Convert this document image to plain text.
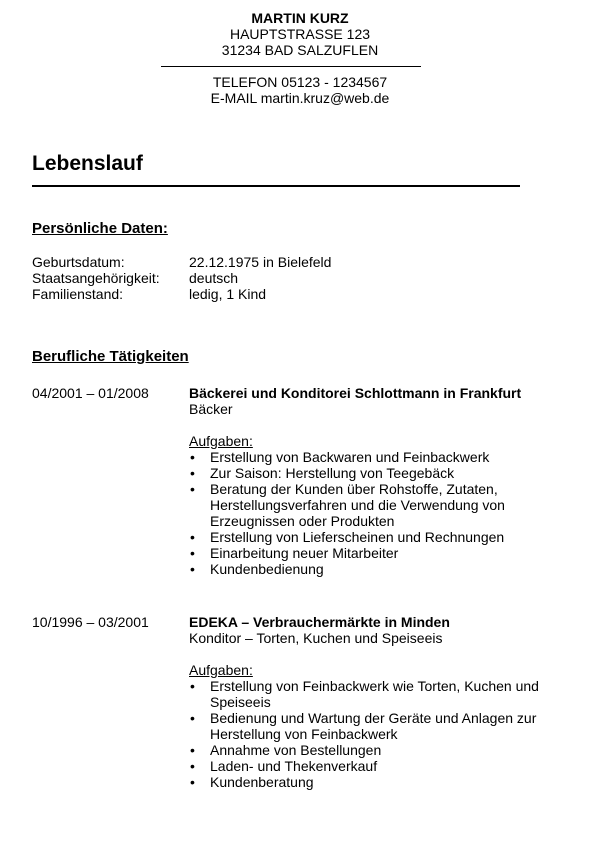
MARTIN KURZ
HAUPTSTRASSE 123
31234 BAD SALZUFLEN
TELEFON 05123 - 1234567
E-MAIL martin.kruz@web.de
Lebenslauf
Persönliche Daten:
Geburtsdatum:	22.12.1975 in Bielefeld
Staatsangehörigkeit:	deutsch
Familienstand:	ledig, 1 Kind
Berufliche Tätigkeiten
04/2001 – 01/2008	Bäckerei und Konditorei Schlottmann in Frankfurt
Bäcker
Aufgaben:
• Erstellung von Backwaren und Feinbackwerk
• Zur Saison: Herstellung von Teegebäck
• Beratung der Kunden über Rohstoffe, Zutaten, Herstellungsverfahren und die Verwendung von Erzeugnissen oder Produkten
• Erstellung von Lieferscheinen und Rechnungen
• Einarbeitung neuer Mitarbeiter
• Kundenbedienung
10/1996 – 03/2001	EDEKA – Verbrauchermärkte in Minden
Konditor – Torten, Kuchen und Speiseeis
Aufgaben:
• Erstellung von Feinbackwerk wie Torten, Kuchen und Speiseeis
• Bedienung und Wartung der Geräte und Anlagen zur Herstellung von Feinbackwerk
• Annahme von Bestellungen
• Laden- und Thekenverkauf
• Kundenberatung
